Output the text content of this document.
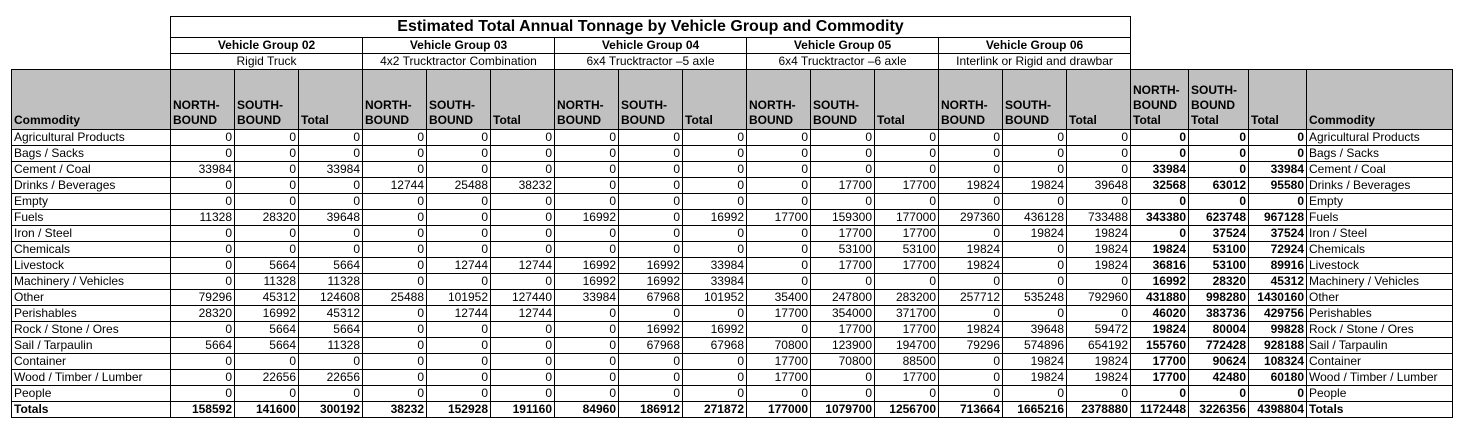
	Estimated Total Annual Tonnage by Vehicle Group and Commodity																		
	Vehicle Group 02			Vehicle Group 03			Vehicle Group 04			Vehicle Group 05			Vehicle Group 06						
	Rigid Truck			4x2 Trucktractor Combination			6x4 Trucktractor –5 axle			6x4 Trucktractor –6 axle			Interlink or Rigid and drawbar						
Commodity	NORTH-BOUND	SOUTH-BOUND	Total	NORTH-BOUND	SOUTH-BOUND	Total	NORTH-BOUND	SOUTH-BOUND	Total	NORTH-BOUND	SOUTH-BOUND	Total	NORTH-BOUND	SOUTH-BOUND	Total	NORTH-BOUND Total	SOUTH-BOUND Total	Total	Commodity
Agricultural Products	0	0	0	0	0	0	0	0	0	0	0	0	0	0	0	0	0	0	Agricultural Products
Bags / Sacks	0	0	0	0	0	0	0	0	0	0	0	0	0	0	0	0	0	0	Bags / Sacks
Cement / Coal	33984	0	33984	0	0	0	0	0	0	0	0	0	0	0	0	33984	0	33984	Cement / Coal
Drinks / Beverages	0	0	0	12744	25488	38232	0	0	0	0	17700	17700	19824	19824	39648	32568	63012	95580	Drinks / Beverages
Empty	0	0	0	0	0	0	0	0	0	0	0	0	0	0	0	0	0	0	Empty
Fuels	11328	28320	39648	0	0	0	16992	0	16992	17700	159300	177000	297360	436128	733488	343380	623748	967128	Fuels
Iron / Steel	0	0	0	0	0	0	0	0	0	0	17700	17700	0	19824	19824	0	37524	37524	Iron / Steel
Chemicals	0	0	0	0	0	0	0	0	0	0	53100	53100	19824	0	19824	19824	53100	72924	Chemicals
Livestock	0	5664	5664	0	12744	12744	16992	16992	33984	0	17700	17700	19824	0	19824	36816	53100	89916	Livestock
Machinery / Vehicles	0	11328	11328	0	0	0	16992	16992	33984	0	0	0	0	0	0	16992	28320	45312	Machinery / Vehicles
Other	79296	45312	124608	25488	101952	127440	33984	67968	101952	35400	247800	283200	257712	535248	792960	431880	998280	1430160	Other
Perishables	28320	16992	45312	0	12744	12744	0	0	0	17700	354000	371700	0	0	0	46020	383736	429756	Perishables
Rock / Stone / Ores	0	5664	5664	0	0	0	0	16992	16992	0	17700	17700	19824	39648	59472	19824	80004	99828	Rock / Stone / Ores
Sail / Tarpaulin	5664	5664	11328	0	0	0	0	67968	67968	70800	123900	194700	79296	574896	654192	155760	772428	928188	Sail / Tarpaulin
Container	0	0	0	0	0	0	0	0	0	17700	70800	88500	0	19824	19824	17700	90624	108324	Container
Wood / Timber / Lumber	0	22656	22656	0	0	0	0	0	0	17700	0	17700	0	19824	19824	17700	42480	60180	Wood / Timber / Lumber
People	0	0	0	0	0	0	0	0	0	0	0	0	0	0	0	0	0	0	People
Totals	158592	141600	300192	38232	152928	191160	84960	186912	271872	177000	1079700	1256700	713664	1665216	2378880	1172448	3226356	4398804	Totals
